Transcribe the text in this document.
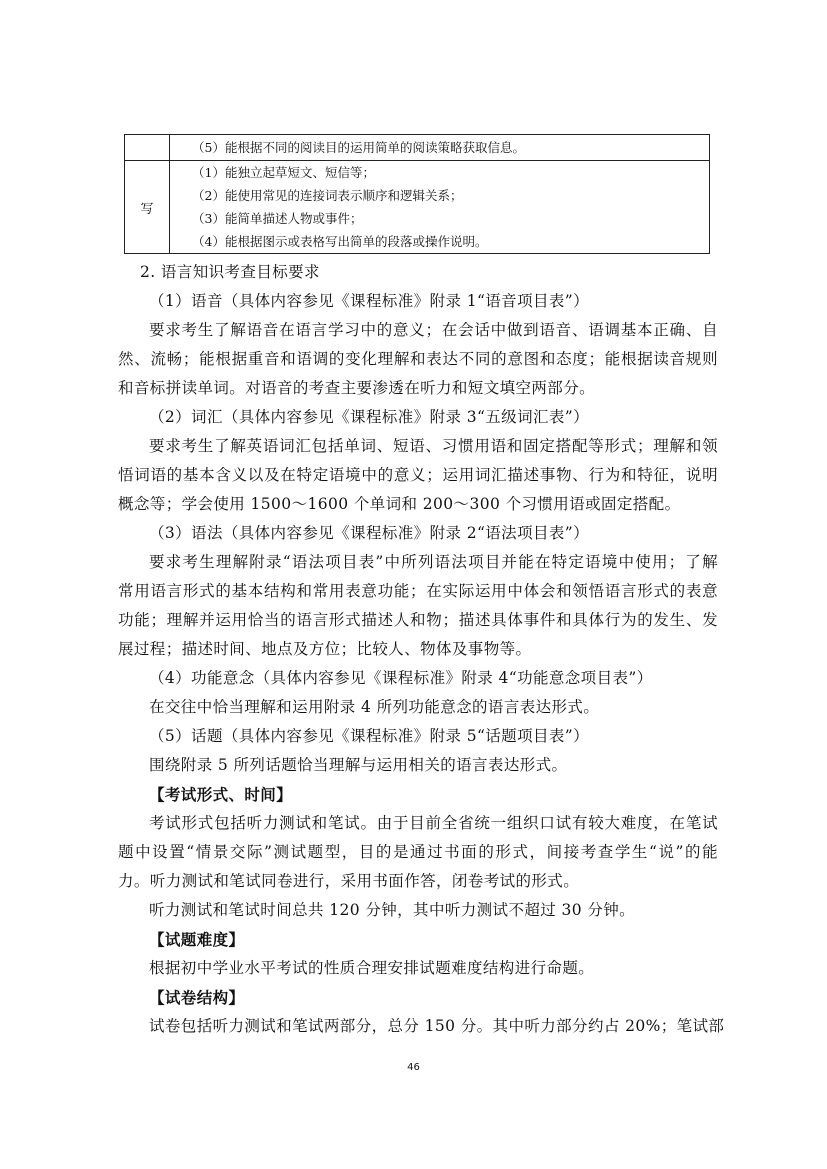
	（5）能根据不同的阅读目的运用简单的阅读策略获取信息。

写	（1）能独立起草短文、短信等；
（2）能使用常见的连接词表示顺序和逻辑关系；
（3）能简单描述人物或事件；
（4）能根据图示或表格写出简单的段落或操作说明。

2. 语言知识考查目标要求

（1）语音（具体内容参见《课程标准》附录 1“语音项目表”）

要求考生了解语音在语言学习中的意义；在会话中做到语音、语调基本正确、自

然、流畅；能根据重音和语调的变化理解和表达不同的意图和态度；能根据读音规则

和音标拼读单词。对语音的考查主要渗透在听力和短文填空两部分。

（2）词汇（具体内容参见《课程标准》附录 3“五级词汇表”）

要求考生了解英语词汇包括单词、短语、习惯用语和固定搭配等形式；理解和领

悟词语的基本含义以及在特定语境中的意义；运用词汇描述事物、行为和特征，说明

概念等；学会使用 1500～1600 个单词和 200～300 个习惯用语或固定搭配。

（3）语法（具体内容参见《课程标准》附录 2“语法项目表”）

要求考生理解附录“语法项目表”中所列语法项目并能在特定语境中使用；了解

常用语言形式的基本结构和常用表意功能；在实际运用中体会和领悟语言形式的表意

功能；理解并运用恰当的语言形式描述人和物；描述具体事件和具体行为的发生、发

展过程；描述时间、地点及方位；比较人、物体及事物等。

（4）功能意念（具体内容参见《课程标准》附录 4“功能意念项目表”）

在交往中恰当理解和运用附录 4 所列功能意念的语言表达形式。

（5）话题（具体内容参见《课程标准》附录 5“话题项目表”）

围绕附录 5 所列话题恰当理解与运用相关的语言表达形式。

【考试形式、时间】

考试形式包括听力测试和笔试。由于目前全省统一组织口试有较大难度，在笔试

题中设置“情景交际”测试题型，目的是通过书面的形式，间接考查学生“说”的能

力。听力测试和笔试同卷进行，采用书面作答，闭卷考试的形式。

听力测试和笔试时间总共 120 分钟，其中听力测试不超过 30 分钟。

【试题难度】

根据初中学业水平考试的性质合理安排试题难度结构进行命题。

【试卷结构】

试卷包括听力测试和笔试两部分，总分 150 分。其中听力部分约占 20%；笔试部

46
